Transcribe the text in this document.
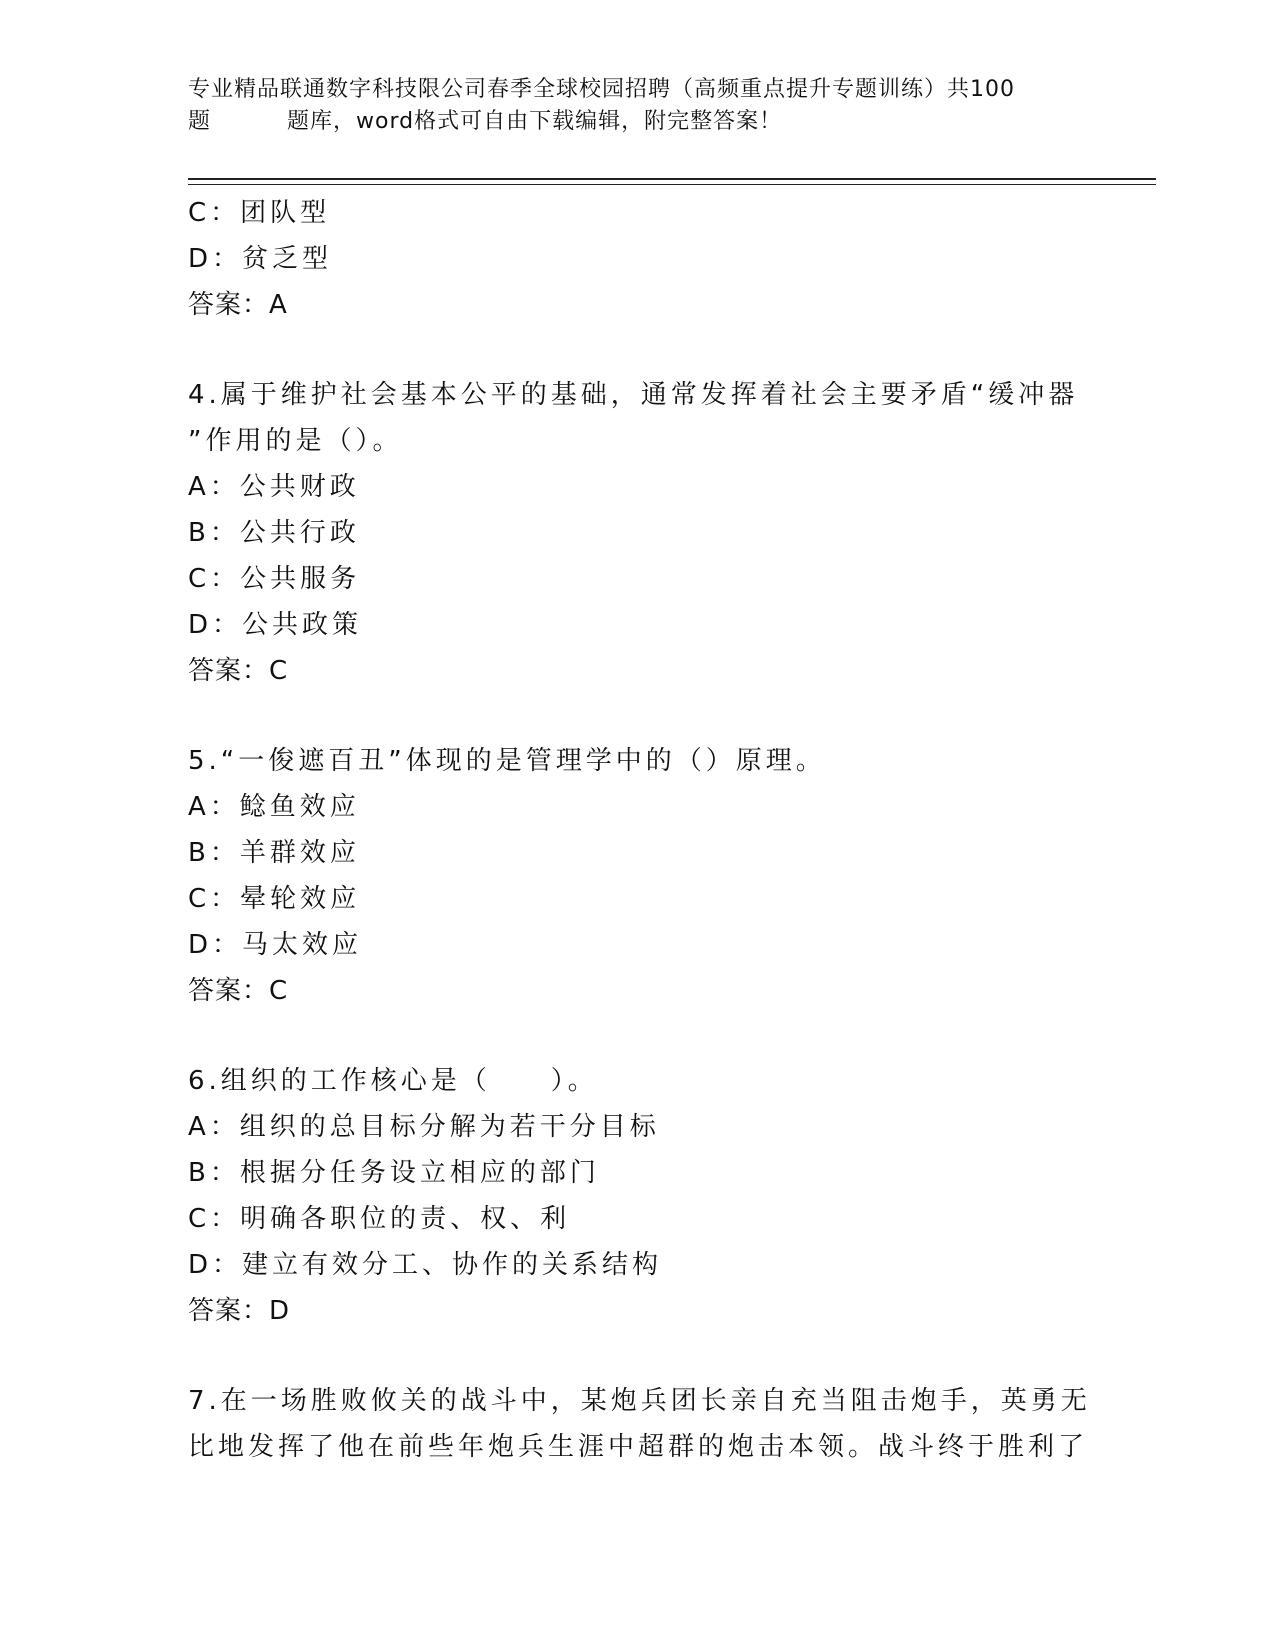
专业精品联通数字科技限公司春季全球校园招聘（高频重点提升专题训练）共100
题	题库，word格式可自由下载编辑，附完整答案！
C：团队型
D：贫乏型
答案：A
4.属于维护社会基本公平的基础，通常发挥着社会主要矛盾“缓冲器
”作用的是（）。
A：公共财政
B：公共行政
C：公共服务
D：公共政策
答案：C
5.“一俊遮百丑”体现的是管理学中的（）原理。
A：鲶鱼效应
B：羊群效应
C：晕轮效应
D：马太效应
答案：C
6.组织的工作核心是（　　）。
A：组织的总目标分解为若干分目标
B：根据分任务设立相应的部门
C：明确各职位的责、权、利
D：建立有效分工、协作的关系结构
答案：D
7.在一场胜败攸关的战斗中，某炮兵团长亲自充当阻击炮手，英勇无
比地发挥了他在前些年炮兵生涯中超群的炮击本领。战斗终于胜利了
